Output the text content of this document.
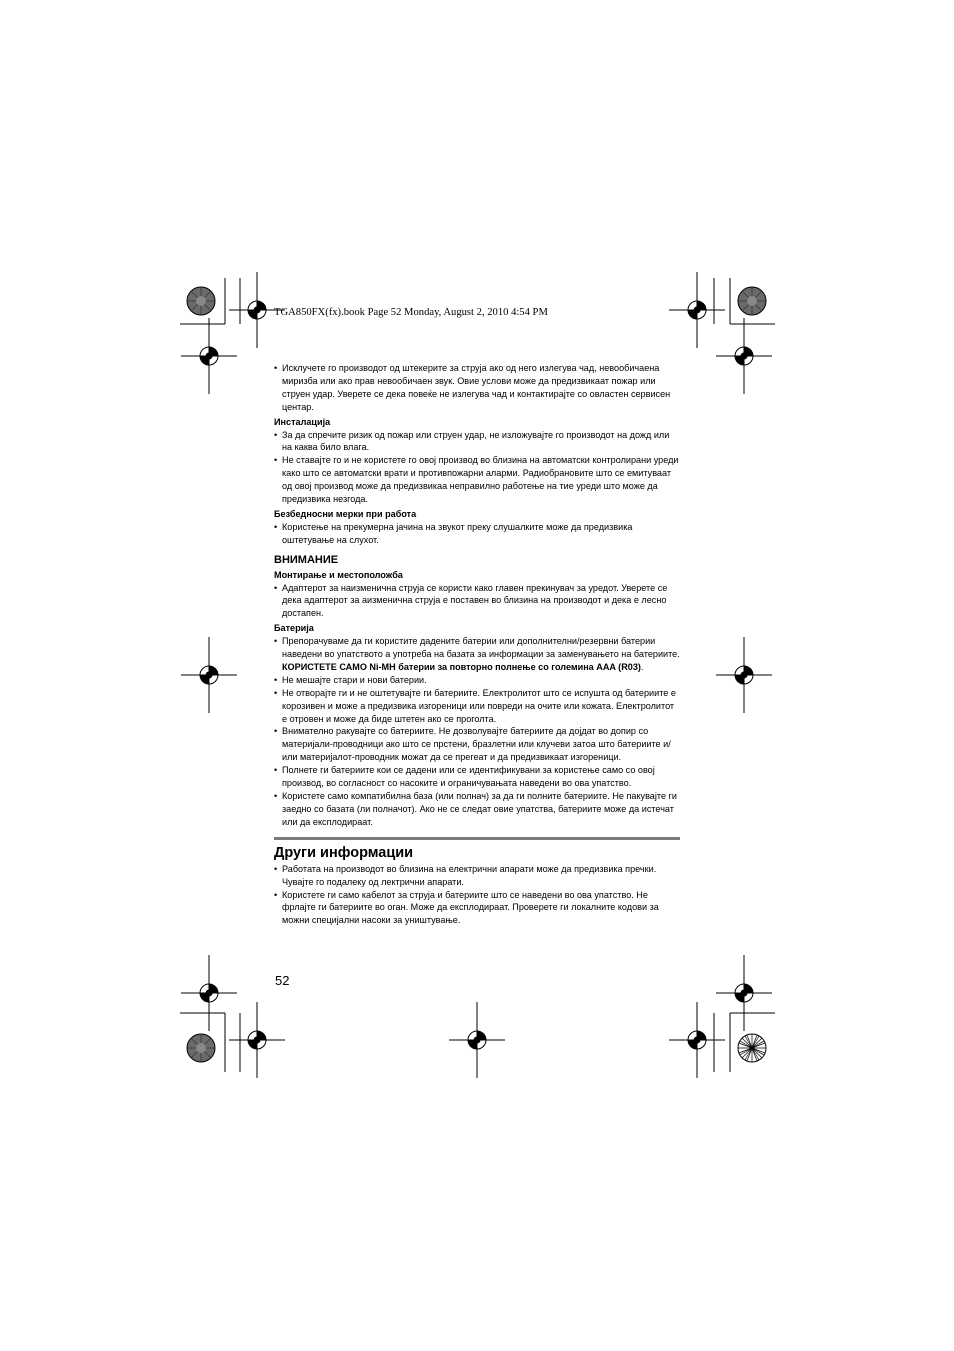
TGA850FX(fx).book Page 52 Monday, August 2, 2010 4:54 PM

• Исклучете го производот од штекерите за струја ако од него излегува чад, невообичаена миризба или ако прав невообичаен звук. Овие услови може да предизвикаат пожар или струен удар. Уверете се дека повеќе не излегува чад и контактирајте со овластен сервисен центар.

Инсталација

• За да спречите ризик од пожар или струен удар, не изложувајте го производот на дожд или на каква било влага.

• Не ставајте го и не користете го овој производ во близина на автоматски контролирани уреди како што се автоматски врати и противпожарни аларми. Радиобрановите што се емитуваат од овој производ може да предизвикаа неправилно работење на тие уреди што може да предизвика незгода.

Безбедносни мерки при работа

• Користење на прекумерна јачина на звукот преку слушалките може да предизвика оштетување на слухот.

ВНИМАНИЕ

Монтирање и местоположба

• Адаптерот за наизменична струја се користи како главен прекинувач за уредот. Уверете се дека адаптерот за аизменична струја е поставен во близина на производот и дека е лесно достапен.

Батерија

• Препорачуваме да ги користите дадените батерии или дополнителни/резервни батерии наведени во упатството а употреба на базата за информации за заменувањето на батериите. КОРИСТЕТЕ САМО Ni-MH батерии за повторно полнење со големина AAA (R03).

• Не мешајте стари и нови батерии.

• Не отворајте ги и не оштетувајте ги батериите. Електролитот што се испушта од батериите е корозивен и може а предизвика изгореници или повреди на очите или кожата. Електролитот е отровен и може да биде штетен ако се проголта.

• Внимателно ракувајте со батериите. Не дозволувајте батериите да дојдат во допир со материјали-проводници ако што се прстени, бразлетни или клучеви затоа што батериите и/или материјалот-проводник можат да се прегеат и да предизвикаат изгореници.

• Полнете ги батериите кои се дадени или се идентификувани за користење само со овој производ, во согласност со насоките и ограничувањата наведени во ова упатство.

• Користете само компатибилна база (или полнач) за да ги полните батериите. Не пакувајте ги заедно со базата (ли полначот). Ако не се следат овие упатства, батериите може да истечат или да експлодираат.

Други информации

• Работата на производот во близина на електрични апарати може да предизвика пречки. Чувајте го подалеку од лектрични апарати.

• Користете ги само кабелот за струја и батериите што се наведени во ова упатство. Не фрлајте ги батериите во оган. Може да експлодираат. Проверете ги локалните кодови за можни специјални насоки за уништување.

52
